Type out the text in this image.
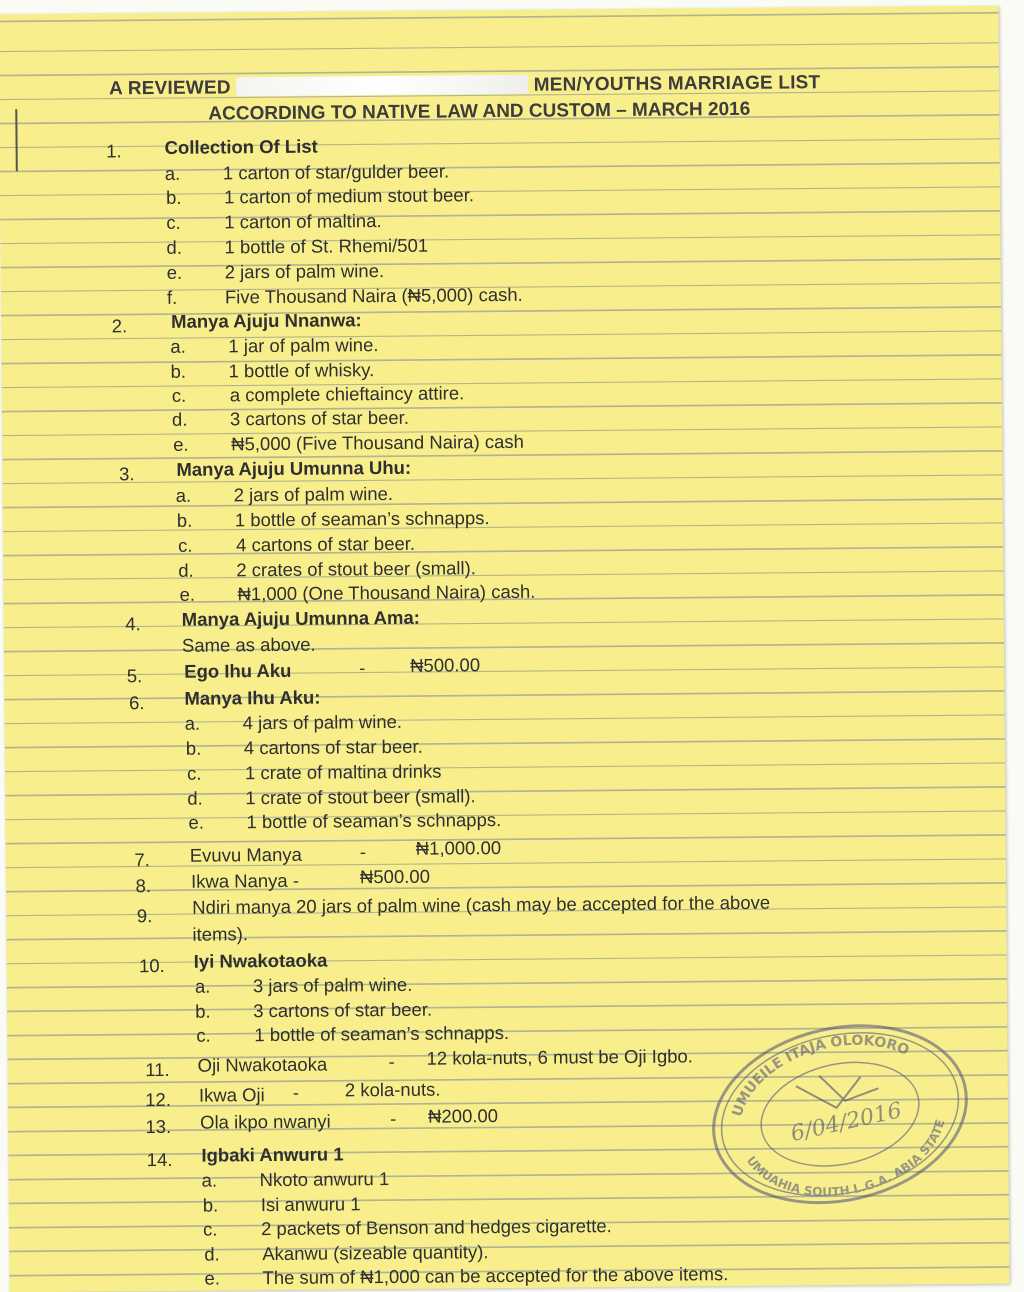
A REVIEWED	MEN/YOUTHS MARRIAGE LIST
ACCORDING TO NATIVE LAW AND CUSTOM – MARCH 2016
1. Collection Of List
a. 1 carton of star/gulder beer.
b. 1 carton of medium stout beer.
c. 1 carton of maltina.
d. 1 bottle of St. Rhemi/501
e. 2 jars of palm wine.
f.	Five Thousand Naira (₦5,000) cash.
2. Manya Ajuju Nnanwa:
a. 1 jar of palm wine.
b. 1 bottle of whisky.
c. a complete chieftaincy attire.
d. 3 cartons of star beer.
e. ₦5,000 (Five Thousand Naira) cash
3. Manya Ajuju Umunna Uhu:
a. 2 jars of palm wine.
b. 1 bottle of seaman’s schnapps.
c. 4 cartons of star beer.
d. 2 crates of stout beer (small).
e. ₦1,000 (One Thousand Naira) cash.
4. Manya Ajuju Umunna Ama:
Same as above.
5. Ego Ihu Aku	- ₦500.00
6. Manya Ihu Aku:
a. 4 jars of palm wine.
b. 4 cartons of star beer.
c. 1 crate of maltina drinks
d. 1 crate of stout beer (small).
e. 1 bottle of seaman’s schnapps.
7. Evuvu Manya	-	₦1,000.00
8. Ikwa Nanya -	₦500.00
9. Ndiri manya 20 jars of palm wine (cash may be accepted for the above
items).
10. Iyi Nwakotaoka
a. 3 jars of palm wine.
b. 3 cartons of star beer.
c. 1 bottle of seaman’s schnapps.
11. Oji Nwakotaoka	- 12 kola-nuts, 6 must be Oji Igbo.
12. Ikwa Oji - 2 kola-nuts.
13. Ola ikpo nwanyi	- ₦200.00
14. Igbaki Anwuru 1
a. Nkoto anwuru 1
b. Isi anwuru 1
c. 2 packets of Benson and hedges cigarette.
d. Akanwu (sizeable quantity).
e. The sum of ₦1,000 can be accepted for the above items.
UMUEILE ITAJA OLOKORO
UMUAHIA SOUTH L.G.A. ABIA STATE
6/04/2016
